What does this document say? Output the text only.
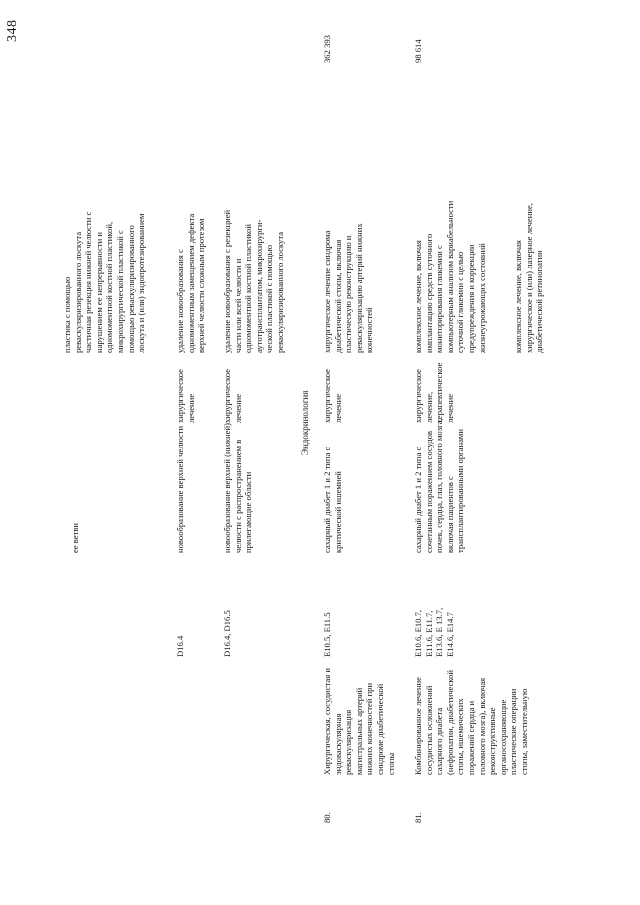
348
ее ветви
пластика с помощью
реваскуляризированного лоскута
частичная резекция нижней челюсти с
нарушением ее непрерывности и
одномоментной костной пластикой,
микрохирургической пластикой с
помощью реваскуляризированного
лоскута и (или) эндопротезированием
D16.4
новообразование верхней челюсти
хирургическое
лечение
удаление новообразования с
одномоментным замещением дефекта
верхней челюсти сложным протезом
D16.4, D16.5
новообразование верхней (нижней)
челюсти с распространением в
прилегающие области
хирургическое
лечение
удаление новообразования с резекцией
части или всей челюсти и
одномоментной костной пластикой
аутотрансплантатом, микрохирурги-
ческой пластикой с помощью
реваскуляризированного лоскута
Эндокринология
80.
Хирургическая, сосудистая и
эндоваскулярная
реваскуляризация
магистральных артерий
нижних конечностей при
синдроме диабетической
стопы
E10.5, E11.5
сахарный диабет 1 и 2 типа с
критической ишемией
хирургическое
лечение
хирургическое лечение синдрома
диабетической стопы, включая
пластическую реконструкцию и
реваскуляризацию артерий нижних
конечностей
362 393
81.
Комбинированное лечение
сосудистых осложнений
сахарного диабета
(нефропатии, диабетической
стопы, ишемических
поражений сердца и
головного мозга), включая
реконструктивные
органосохраняющие
пластические операции
стопы, заместительную
E10.6, E10.7,
E11.6, E11.7,
E13.6, E 13.7,
E14.6, E14.7
сахарный диабет 1 и 2 типа с
сочетанным поражением сосудов
почек, сердца, глаз, головного мозга,
включая пациентов с
трансплантированными органами
хирургическое
лечение,
терапевтическое
лечение
комплексное лечение, включая
имплантацию средств суточного
мониторирования гликемии с
компьютерным анализом вариабельности
суточной гликемии с целью
предупреждения и коррекции
жизнеугрожающих состояний
комплексное лечение, включая
хирургическое и (или) лазерное лечение,
диабетической ретинопатии
98 614
